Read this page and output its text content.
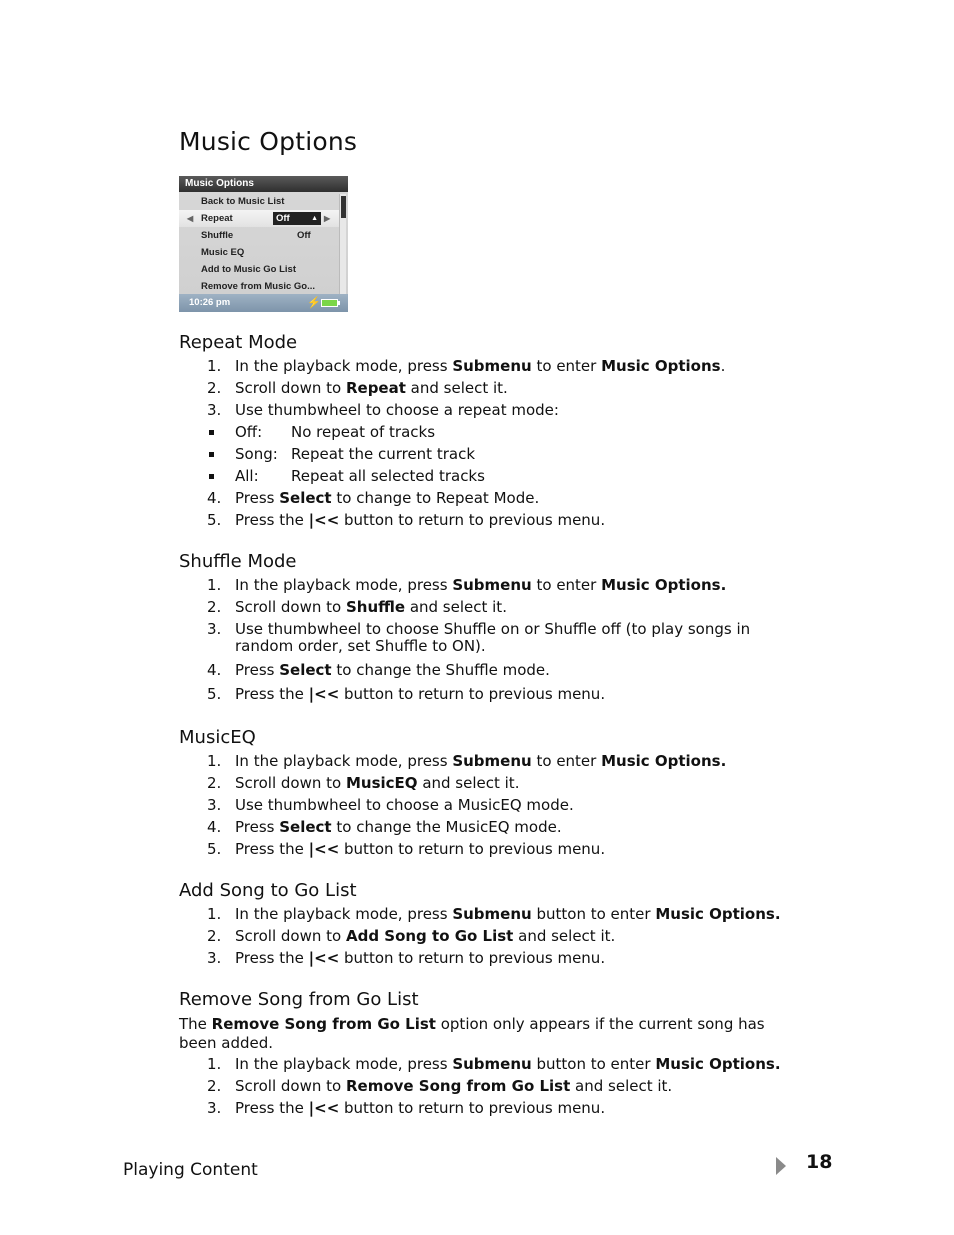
Music Options
Music Options
Back to Music List
◀ Repeat	Off	▲ ▶
Shuffle	Off
Music EQ
Add to Music Go List
Remove from Music Go...
10:26 pm	⚡
Repeat Mode
1. In the playback mode, press Submenu to enter Music Options.
2. Scroll down to Repeat and select it.
3. Use thumbwheel to choose a repeat mode:
Off: No repeat of tracks
Song: Repeat the current track
All: Repeat all selected tracks
4. Press Select to change to Repeat Mode.
5. Press the |<< button to return to previous menu.
Shuffle Mode
1. In the playback mode, press Submenu to enter Music Options.
2. Scroll down to Shuffle and select it.
3. Use thumbwheel to choose Shuffle on or Shuffle off (to play songs in random order, set Shuffle to ON).
4. Press Select to change the Shuffle mode.
5. Press the |<< button to return to previous menu.
MusicEQ
1. In the playback mode, press Submenu to enter Music Options.
2. Scroll down to MusicEQ and select it.
3. Use thumbwheel to choose a MusicEQ mode.
4. Press Select to change the MusicEQ mode.
5. Press the |<< button to return to previous menu.
Add Song to Go List
1. In the playback mode, press Submenu button to enter Music Options.
2. Scroll down to Add Song to Go List and select it.
3. Press the |<< button to return to previous menu.
Remove Song from Go List

The Remove Song from Go List option only appears if the current song has been added.

1. In the playback mode, press Submenu button to enter Music Options.
2. Scroll down to Remove Song from Go List and select it.
3. Press the |<< button to return to previous menu.
Playing Content	18
